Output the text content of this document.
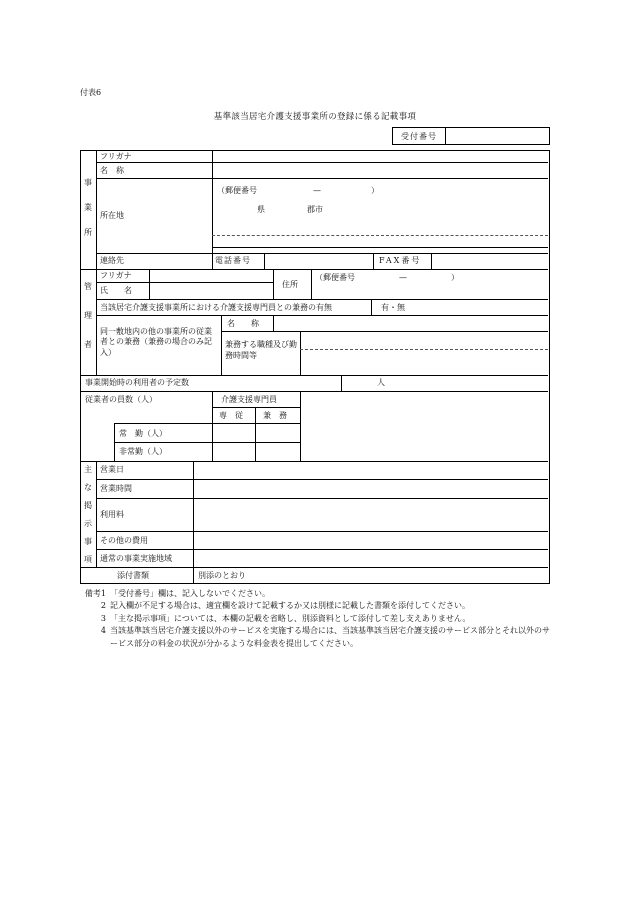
付表6
基準該当居宅介護支援事業所の登録に係る記載事項
受付番号
事
業
所
フリガナ
名　称
所在地
（郵便番号	—	）
県	郡市
連絡先	電話番号	FAX番号
管
理
者
フリガナ
氏　　名
住所
（郵便番号	—	）
当該居宅介護支援事業所における介護支援専門員との兼務の有無	有・無
同一敷地内の他の事業所の従業者との兼務（兼務の場合のみ記入）
名　　称
兼務する職種及び勤務時間等
事業開始時の利用者の予定数	人
従業者の員数（人）	介護支援専門員
専　従	兼　務
常　勤（人）
非常勤（人）
主
な
掲
示
事
項
営業日
営業時間
利用料
その他の費用
通常の事業実施地域
添付書類	別添のとおり
備考1 「受付番号」欄は、記入しないでください。
2 記入欄が不足する場合は、適宜欄を設けて記載するか又は別様に記載した書類を添付してください。
3 「主な掲示事項」については、本欄の記載を省略し、別添資料として添付して差し支えありません。
4 当該基準該当居宅介護支援以外のサービスを実施する場合には、当該基準該当居宅介護支援のサービス部分とそれ以外のサービス部分の料金の状況が分かるような料金表を提出してください。
